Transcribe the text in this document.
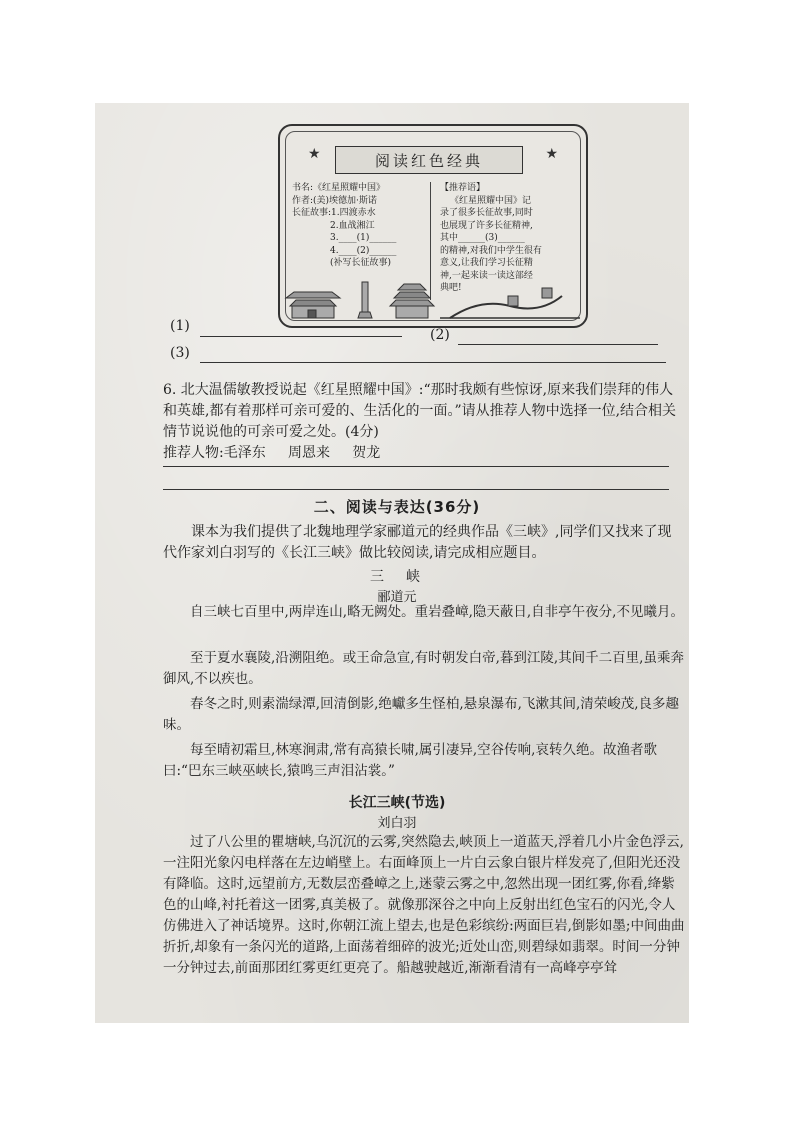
★	阅读红色经典	★
书名:《红星照耀中国》
作者:(美)埃德加·斯诺
长征故事:1.四渡赤水
2.血战湘江
3.____(1)______
4.____(2)______
(补写长征故事)
【推荐语】
《红星照耀中国》记
录了很多长征故事,同时
也展现了许多长征精神,
其中______(3)______
的精神,对我们中学生很有
意义,让我们学习长征精
神,一起来读一读这部经
典吧!
(1)
(2)
(3)
6. 北大温儒敏教授说起《红星照耀中国》:“那时我颇有些惊讶,原来我们崇拜的伟人和英雄,都有着那样可亲可爱的、生活化的一面。”请从推荐人物中选择一位,结合相关情节说说他的可亲可爱之处。(4分)
推荐人物:毛泽东     周恩来     贺龙
二、阅读与表达(36分)
课本为我们提供了北魏地理学家郦道元的经典作品《三峡》,同学们又找来了现代作家刘白羽写的《长江三峡》做比较阅读,请完成相应题目。
三　峡
郦道元
自三峡七百里中,两岸连山,略无阙处。重岩叠嶂,隐天蔽日,自非亭午夜分,不见曦月。
至于夏水襄陵,沿溯阻绝。或王命急宣,有时朝发白帝,暮到江陵,其间千二百里,虽乘奔御风,不以疾也。
春冬之时,则素湍绿潭,回清倒影,绝巘多生怪柏,悬泉瀑布,飞漱其间,清荣峻茂,良多趣味。
每至晴初霜旦,林寒涧肃,常有高猿长啸,属引凄异,空谷传响,哀转久绝。故渔者歌曰:“巴东三峡巫峡长,猿鸣三声泪沾裳。”
长江三峡(节选)
刘白羽
过了八公里的瞿塘峡,乌沉沉的云雾,突然隐去,峡顶上一道蓝天,浮着几小片金色浮云,一注阳光象闪电样落在左边峭壁上。右面峰顶上一片白云象白银片样发亮了,但阳光还没有降临。这时,远望前方,无数层峦叠嶂之上,迷蒙云雾之中,忽然出现一团红雾,你看,绛紫色的山峰,衬托着这一团雾,真美极了。就像那深谷之中向上反射出红色宝石的闪光,令人仿佛进入了神话境界。这时,你朝江流上望去,也是色彩缤纷:两面巨岩,倒影如墨;中间曲曲折折,却象有一条闪光的道路,上面荡着细碎的波光;近处山峦,则碧绿如翡翠。时间一分钟一分钟过去,前面那团红雾更红更亮了。船越驶越近,渐渐看清有一高峰亭亭耸
